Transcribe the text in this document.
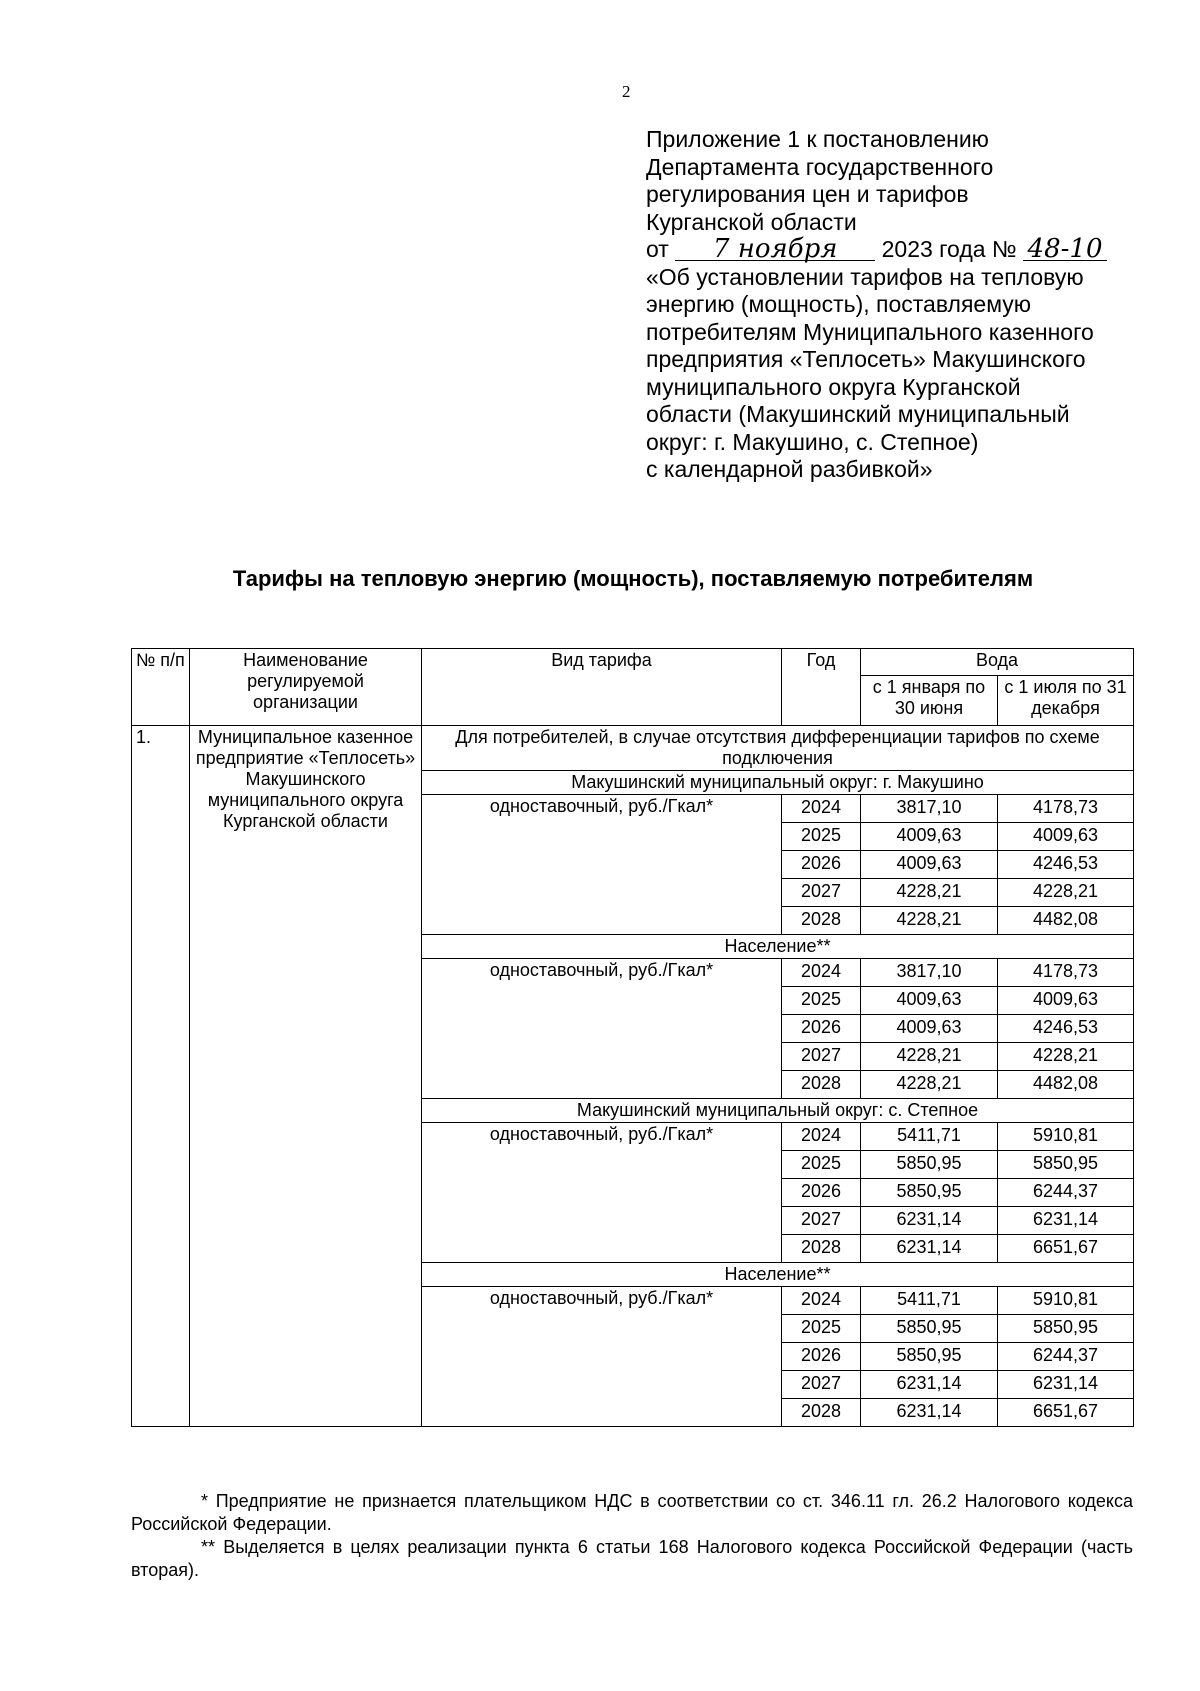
2
Приложение 1 к постановлению
Департамента государственного
регулирования цен и тарифов
Курганской области
от 7 ноября 2023 года № 48-10
«Об установлении тарифов на тепловую
энергию (мощность), поставляемую
потребителям Муниципального казенного
предприятия «Теплосеть» Макушинского
муниципального округа Курганской
области (Макушинский муниципальный
округ: г. Макушино, с. Степное)
с календарной разбивкой»
Тарифы на тепловую энергию (мощность), поставляемую потребителям
№ п/п	Наименование регулируемой организации	Вид тарифа	Год	Вода	
				с 1 января по 30 июня	с 1 июля по 31 декабря
1.	Муниципальное казенное предприятие «Теплосеть» Макушинского муниципального округа Курганской области	Для потребителей, в случае отсутствия дифференциации тарифов по схеме подключения			
		Макушинский муниципальный округ: г. Макушино			
		одноставочный, руб./Гкал*	2024	3817,10	4178,73
			2025	4009,63	4009,63
			2026	4009,63	4246,53
			2027	4228,21	4228,21
			2028	4228,21	4482,08
		Население**			
		одноставочный, руб./Гкал*	2024	3817,10	4178,73
			2025	4009,63	4009,63
			2026	4009,63	4246,53
			2027	4228,21	4228,21
			2028	4228,21	4482,08
		Макушинский муниципальный округ: с. Степное			
		одноставочный, руб./Гкал*	2024	5411,71	5910,81
			2025	5850,95	5850,95
			2026	5850,95	6244,37
			2027	6231,14	6231,14
			2028	6231,14	6651,67
		Население**			
		одноставочный, руб./Гкал*	2024	5411,71	5910,81
			2025	5850,95	5850,95
			2026	5850,95	6244,37
			2027	6231,14	6231,14
			2028	6231,14	6651,67

* Предприятие не признается плательщиком НДС в соответствии со ст. 346.11 гл. 26.2 Налогового кодекса Российской Федерации.

** Выделяется в целях реализации пункта 6 статьи 168 Налогового кодекса Российской Федерации (часть вторая).
